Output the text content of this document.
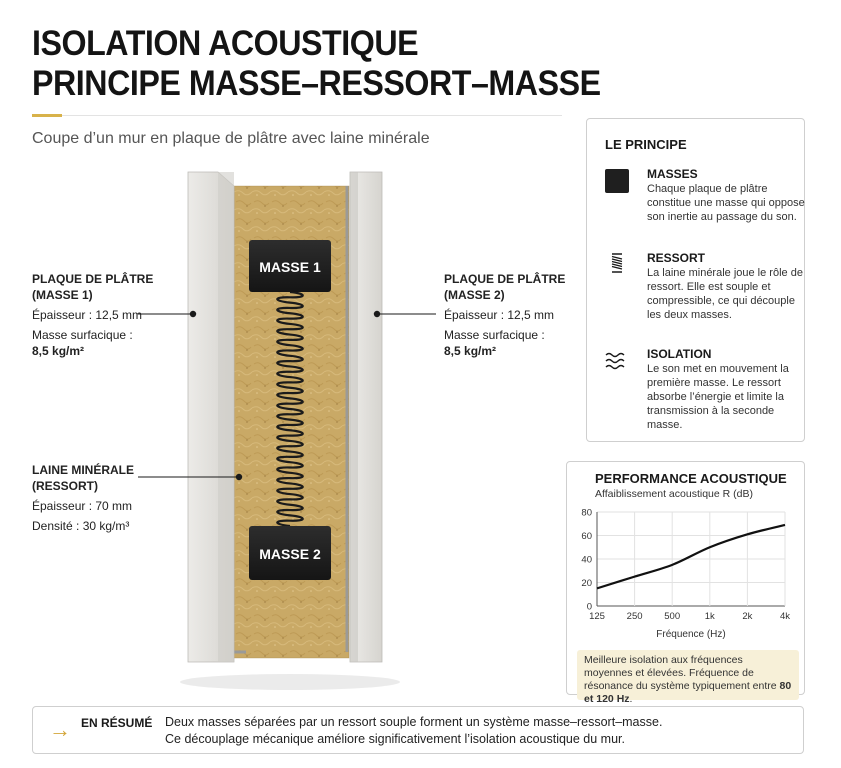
ISOLATION ACOUSTIQUE
PRINCIPE MASSE–RESSORT–MASSE
Coupe d’un mur en plaque de plâtre avec laine minérale
PLAQUE DE PLÂTRE
(MASSE 1)
Épaisseur : 12,5 mm
Masse surfacique :
8,5 kg/m²
LAINE MINÉRALE
(RESSORT)
Épaisseur : 70 mm
Densité : 30 kg/m³
PLAQUE DE PLÂTRE
(MASSE 2)
Épaisseur : 12,5 mm
Masse surfacique :
8,5 kg/m²
MASSE 1
MASSE 2
LE PRINCIPE
MASSES
Chaque plaque de plâtre constitue une masse qui oppose son inertie au passage du son.
RESSORT
La laine minérale joue le rôle de ressort. Elle est souple et compressible, ce qui découple les deux masses.
ISOLATION
Le son met en mouvement la première masse. Le ressort absorbe l’énergie et limite la transmission à la seconde masse.
PERFORMANCE ACOUSTIQUE
Affaiblissement acoustique R (dB)
0
20
40
60
80
125 250 500	1k	2k	4k
Fréquence (Hz)
Meilleure isolation aux fréquences moyennes et élevées. Fréquence de résonance du système typiquement entre 80 et 120 Hz.
→ EN RÉSUMÉ Deux masses séparées par un ressort souple forment un système masse–ressort–masse.
Ce découplage mécanique améliore significativement l’isolation acoustique du mur.
